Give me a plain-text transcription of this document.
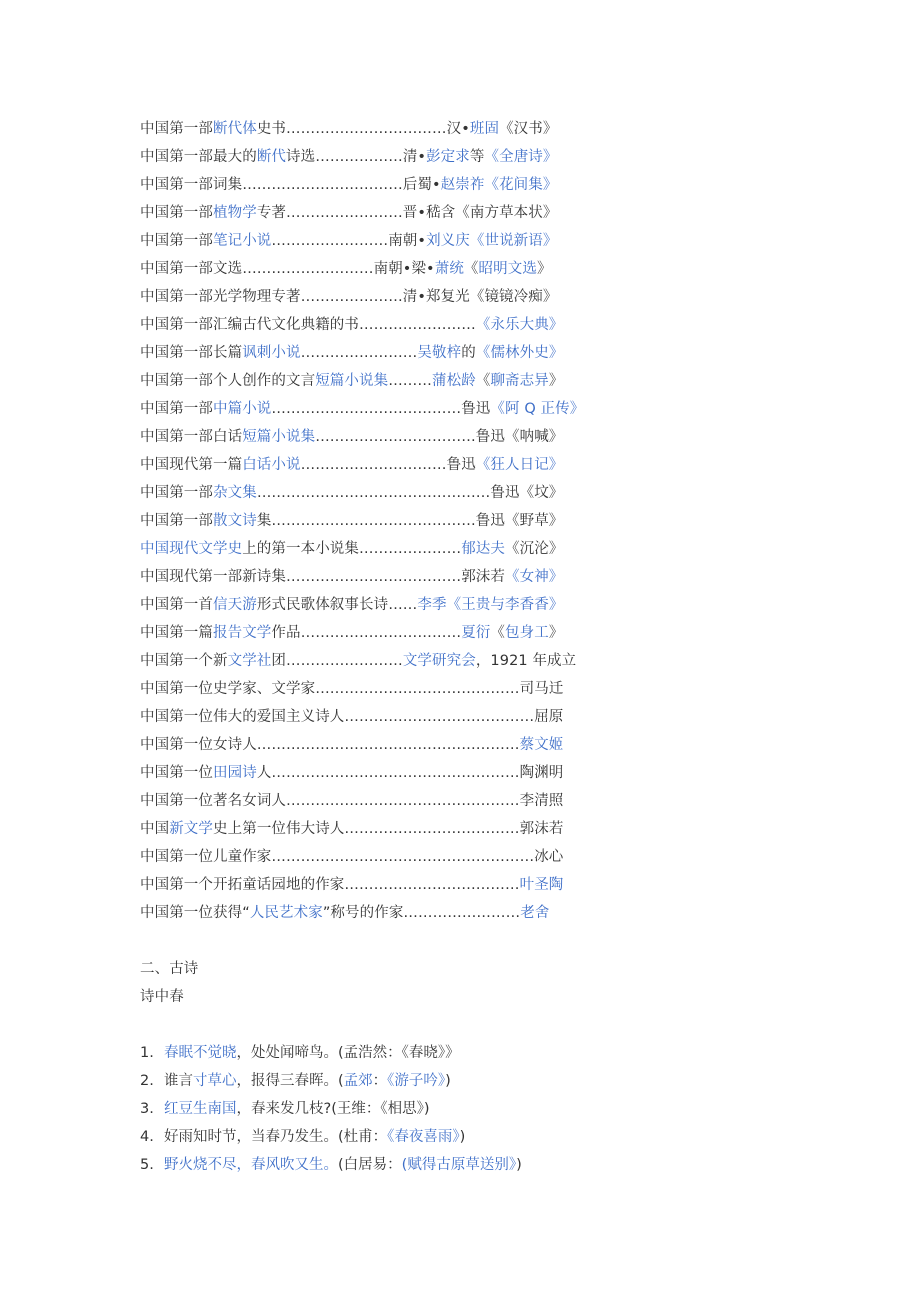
中国第一部断代体史书……………………………汉•班固《汉书》
中国第一部最大的断代诗选………………清•彭定求等《全唐诗》
中国第一部词集……………………………后蜀•赵崇祚《花间集》
中国第一部植物学专著……………………晋•嵇含《南方草本状》
中国第一部笔记小说……………………南朝•刘义庆《世说新语》
中国第一部文选………………………南朝•梁•萧统《昭明文选》
中国第一部光学物理专著…………………清•郑复光《镜镜冷痴》
中国第一部汇编古代文化典籍的书……………………《永乐大典》
中国第一部长篇讽刺小说……………………吴敬梓的《儒林外史》
中国第一部个人创作的文言短篇小说集………蒲松龄《聊斋志异》
中国第一部中篇小说…………………………………鲁迅《阿 Q 正传》
中国第一部白话短篇小说集……………………………鲁迅《呐喊》
中国现代第一篇白话小说…………………………鲁迅《狂人日记》
中国第一部杂文集…………………………………………鲁迅《坟》
中国第一部散文诗集……………………………………鲁迅《野草》
中国现代文学史上的第一本小说集…………………郁达夫《沉沦》
中国现代第一部新诗集………………………………郭沫若《女神》
中国第一首信天游形式民歌体叙事长诗……李季《王贵与李香香》
中国第一篇报告文学作品……………………………夏衍《包身工》
中国第一个新文学社团……………………文学研究会，1921 年成立
中国第一位史学家、文学家……………………………………司马迁
中国第一位伟大的爱国主义诗人…………………………………屈原
中国第一位女诗人………………………………………………蔡文姬
中国第一位田园诗人……………………………………………陶渊明
中国第一位著名女词人…………………………………………李清照
中国新文学史上第一位伟大诗人………………………………郭沫若
中国第一位儿童作家………………………………………………冰心
中国第一个开拓童话园地的作家………………………………叶圣陶
中国第一位获得“人民艺术家”称号的作家……………………老舍
二、古诗
诗中春
1. 春眠不觉晓，处处闻啼鸟。(孟浩然：《春晓》》
2. 谁言寸草心，报得三春晖。(孟郊：《游子吟》)
3. 红豆生南国，春来发几枝?(王维：《相思》)
4. 好雨知时节，当春乃发生。(杜甫：《春夜喜雨》)
5. 野火烧不尽，春风吹又生。(白居易：(赋得古原草送别》)
